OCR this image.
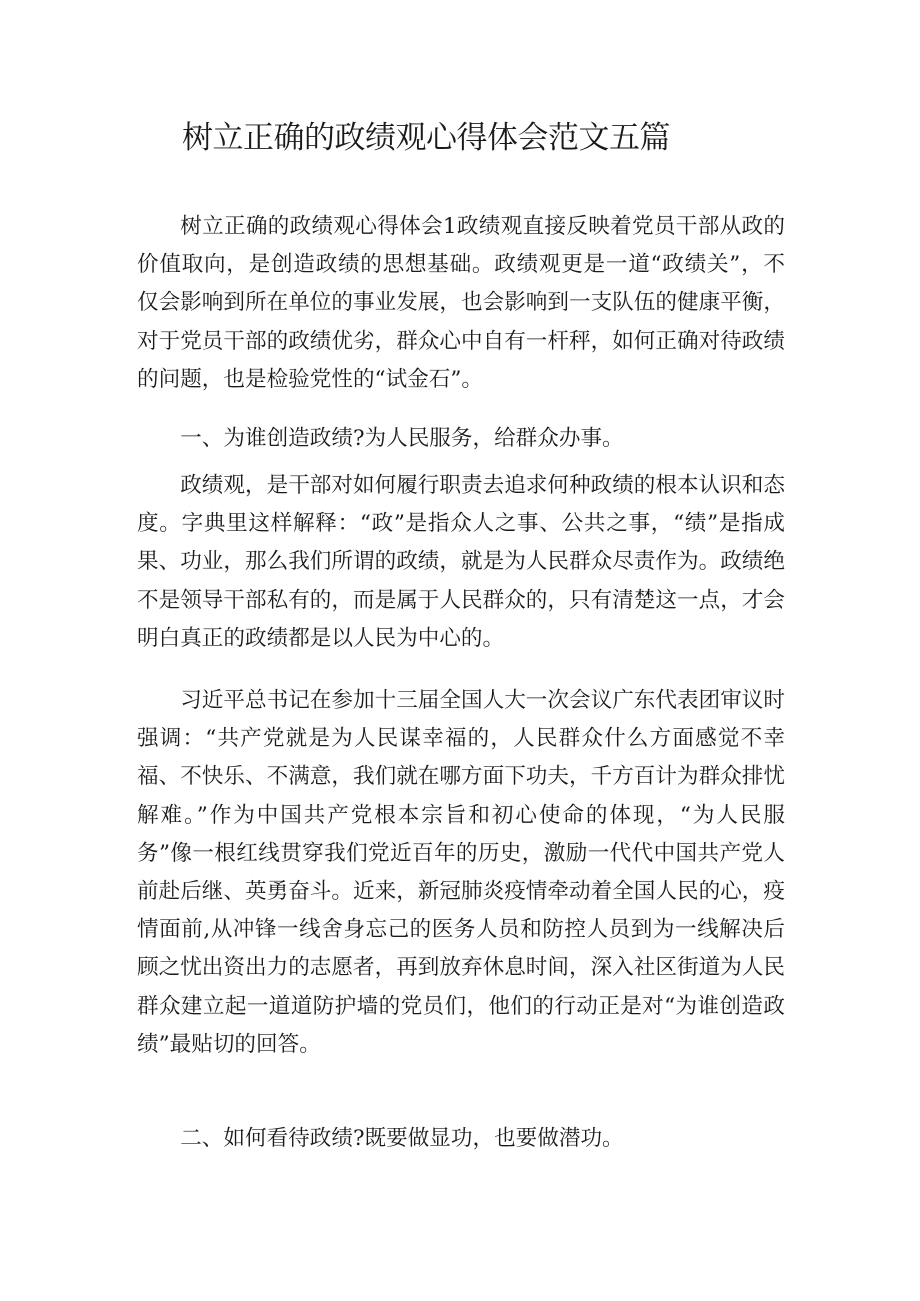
树立正确的政绩观心得体会范文五篇

树立正确的政绩观心得体会1政绩观直接反映着党员干部从政的价值取向，是创造政绩的思想基础。政绩观更是一道“政绩关”，不仅会影响到所在单位的事业发展，也会影响到一支队伍的健康平衡，对于党员干部的政绩优劣，群众心中自有一杆秤，如何正确对待政绩的问题，也是检验党性的“试金石”。

一、为谁创造政绩?为人民服务，给群众办事。

政绩观，是干部对如何履行职责去追求何种政绩的根本认识和态度。字典里这样解释：“政”是指众人之事、公共之事，“绩”是指成果、功业，那么我们所谓的政绩，就是为人民群众尽责作为。政绩绝不是领导干部私有的，而是属于人民群众的，只有清楚这一点，才会明白真正的政绩都是以人民为中心的。

习近平总书记在参加十三届全国人大一次会议广东代表团审议时强调：“共产党就是为人民谋幸福的，人民群众什么方面感觉不幸福、不快乐、不满意，我们就在哪方面下功夫，千方百计为群众排忧解难。”作为中国共产党根本宗旨和初心使命的体现，“为人民服务”像一根红线贯穿我们党近百年的历史，激励一代代中国共产党人前赴后继、英勇奋斗。近来，新冠肺炎疫情牵动着全国人民的心，疫情面前,从冲锋一线舍身忘己的医务人员和防控人员到为一线解决后顾之忧出资出力的志愿者，再到放弃休息时间，深入社区街道为人民群众建立起一道道防护墙的党员们，他们的行动正是对“为谁创造政绩”最贴切的回答。

二、如何看待政绩?既要做显功，也要做潜功。
